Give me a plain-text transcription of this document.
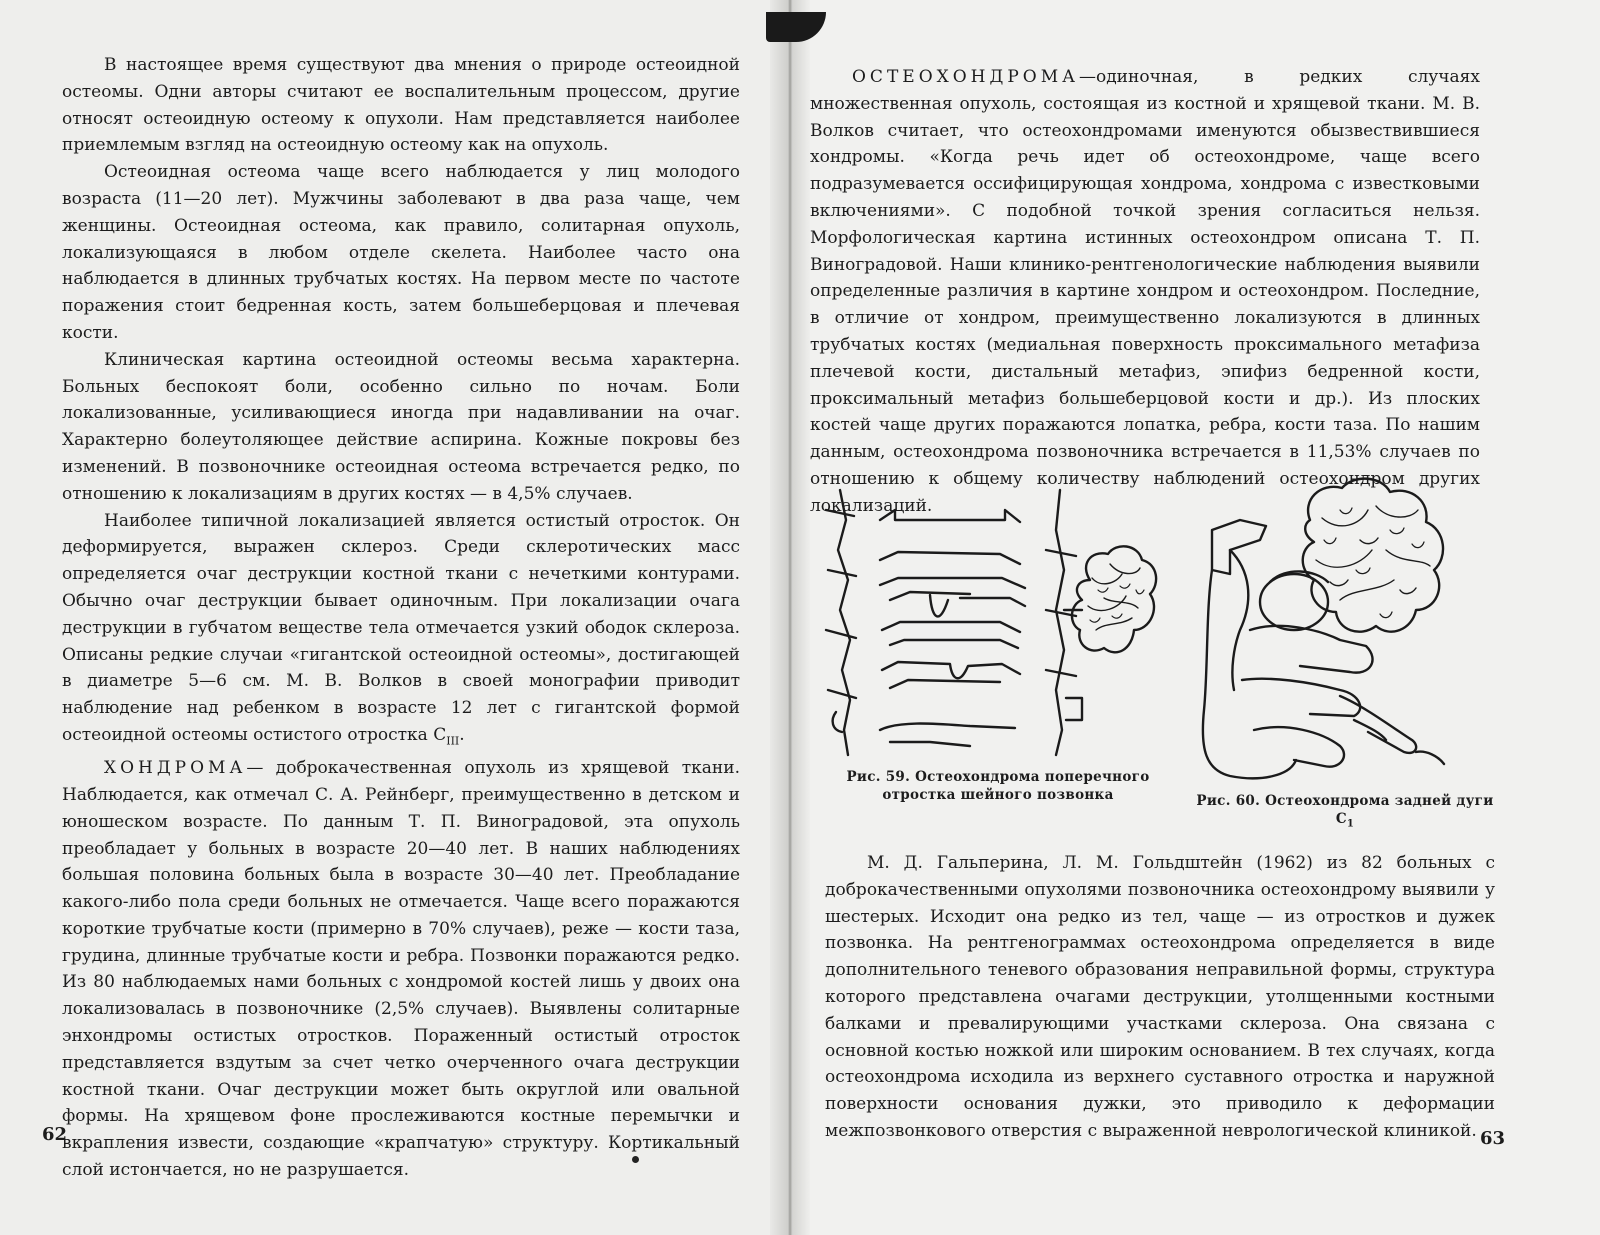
В настоящее время существуют два мнения о природе остеоидной остеомы. Одни авторы считают ее воспалительным процессом, другие относят остеоидную остеому к опухоли. Нам представляется наиболее приемлемым взгляд на остеоидную остеому как на опухоль.

Остеоидная остеома чаще всего наблюдается у лиц молодого возраста (11—20 лет). Мужчины заболевают в два раза чаще, чем женщины. Остеоидная остеома, как правило, солитарная опухоль, локализующаяся в любом отделе скелета. Наиболее часто она наблюдается в длинных трубчатых костях. На первом месте по частоте поражения стоит бедренная кость, затем большеберцовая и плечевая кости.

Клиническая картина остеоидной остеомы весьма характерна. Больных беспокоят боли, особенно сильно по ночам. Боли локализованные, усиливающиеся иногда при надавливании на очаг. Характерно болеутоляющее действие аспирина. Кожные покровы без изменений. В позвоночнике остеоидная остеома встречается редко, по отношению к локализациям в других костях — в 4,5% случаев.

Наиболее типичной локализацией является остистый отросток. Он деформируется, выражен склероз. Среди склеротических масс определяется очаг деструкции костной ткани с нечеткими контурами. Обычно очаг деструкции бывает одиночным. При локализации очага деструкции в губчатом веществе тела отмечается узкий ободок склероза. Описаны редкие случаи «гигантской остеоидной остеомы», достигающей в диаметре 5—6 см. М. В. Волков в своей монографии приводит наблюдение над ребенком в возрасте 12 лет с гигантской формой остеоидной остеомы остистого отростка $C_{III}$.

ХОНДРОМА— доброкачественная опухоль из хрящевой ткани. Наблюдается, как отмечал С. А. Рейнберг, преимущественно в детском и юношеском возрасте. По данным Т. П. Виноградовой, эта опухоль преобладает у больных в возрасте 20—40 лет. В наших наблюдениях большая половина больных была в возрасте 30—40 лет. Преобладание какого-либо пола среди больных не отмечается. Чаще всего поражаются короткие трубчатые кости (примерно в 70% случаев), реже — кости таза, грудина, длинные трубчатые кости и ребра. Позвонки поражаются редко. Из 80 наблюдаемых нами больных с хондромой костей лишь у двоих она локализовалась в позвоночнике (2,5% случаев). Выявлены солитарные энхондромы остистых отростков. Пораженный остистый отросток представляется вздутым за счет четко очерченного очага деструкции костной ткани. Очаг деструкции может быть округлой или овальной формы. На хрящевом фоне прослеживаются костные перемычки и вкрапления извести, создающие «крапчатую» структуру. Кортикальный слой истончается, но не разрушается.

62

ОСТЕОХОНДРОМА—одиночная, в редких случаях множественная опухоль, состоящая из костной и хрящевой ткани. М. В. Волков считает, что остеохондромами именуются обызвествившиеся хондромы. «Когда речь идет об остеохондроме, чаще всего подразумевается оссифицирующая хондрома, хондрома с известковыми включениями». С подобной точкой зрения согласиться нельзя. Морфологическая картина истинных остеохондром описана Т. П. Виноградовой. Наши клинико-рентгенологические наблюдения выявили определенные различия в картине хондром и остеохондром. Последние, в отличие от хондром, преимущественно локализуются в длинных трубчатых костях (медиальная поверхность проксимального метафиза плечевой кости, дистальный метафиз, эпифиз бедренной кости, проксимальный метафиз большеберцовой кости и др.). Из плоских костей чаще других поражаются лопатка, ребра, кости таза. По нашим данным, остеохондрома позвоночника встречается в 11,53% случаев по отношению к общему количеству наблюдений остеохондром других локализаций.

Рис. 59. Остеохондрома поперечного отростка шейного позвонка	Рис. 60. Остеохондрома задней дуги $C_1$

М. Д. Гальперина, Л. М. Гольдштейн (1962) из 82 больных с доброкачественными опухолями позвоночника остеохондрому выявили у шестерых. Исходит она редко из тел, чаще — из отростков и дужек позвонка. На рентгенограммах остеохондрома определяется в виде дополнительного теневого образования неправильной формы, структура которого представлена очагами деструкции, утолщенными костными балками и превалирующими участками склероза. Она связана с основной костью ножкой или широким основанием. В тех случаях, когда остеохондрома исходила из верхнего суставного отростка и наружной поверхности основания дужки, это приводило к деформации межпозвонкового отверстия с выраженной неврологической клиникой. 63
